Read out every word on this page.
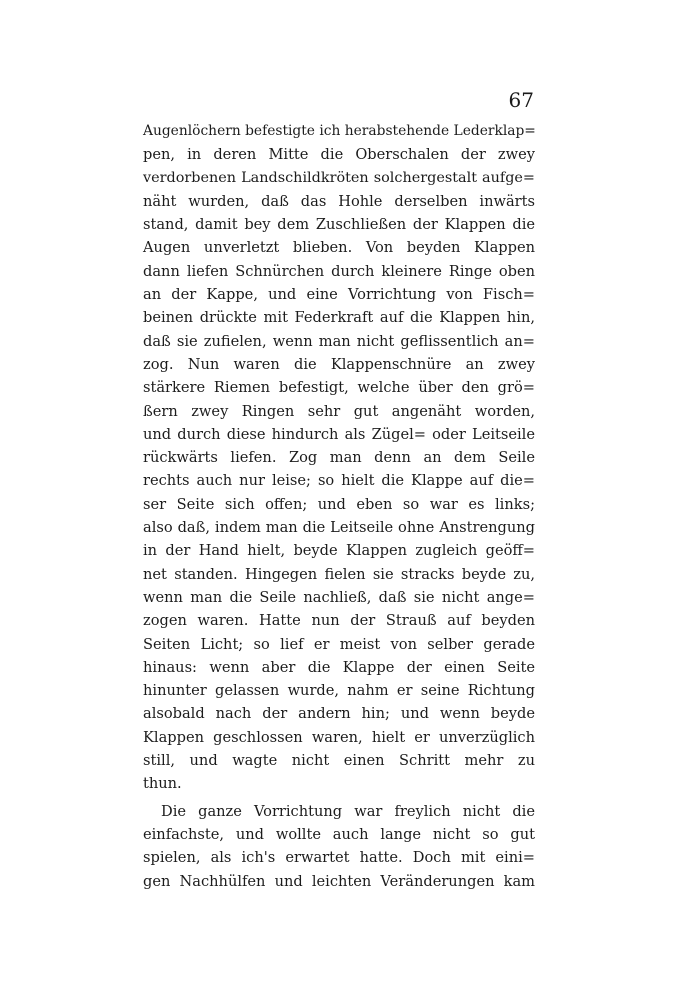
67
Augenlöchern befestigte ich herabstehende Lederklap=
pen, in deren Mitte die Oberschalen der zwey
verdorbenen Landschildkröten solchergestalt aufge=
näht wurden, daß das Hohle derselben inwärts
stand, damit bey dem Zuschließen der Klappen die
Augen unverletzt blieben. Von beyden Klappen
dann liefen Schnürchen durch kleinere Ringe oben
an der Kappe, und eine Vorrichtung von Fisch=
beinen drückte mit Federkraft auf die Klappen hin,
daß sie zufielen, wenn man nicht geflissentlich an=
zog. Nun waren die Klappenschnüre an zwey
stärkere Riemen befestigt, welche über den grö=
ßern zwey Ringen sehr gut angenäht worden,
und durch diese hindurch als Zügel= oder Leitseile
rückwärts liefen. Zog man denn an dem Seile
rechts auch nur leise; so hielt die Klappe auf die=
ser Seite sich offen; und eben so war es links;
also daß, indem man die Leitseile ohne Anstrengung
in der Hand hielt, beyde Klappen zugleich geöff=
net standen. Hingegen fielen sie stracks beyde zu,
wenn man die Seile nachließ, daß sie nicht ange=
zogen waren. Hatte nun der Strauß auf beyden
Seiten Licht; so lief er meist von selber gerade
hinaus: wenn aber die Klappe der einen Seite
hinunter gelassen wurde, nahm er seine Richtung
alsobald nach der andern hin; und wenn beyde
Klappen geschlossen waren, hielt er unverzüglich
still, und wagte nicht einen Schritt mehr zu
thun.
Die ganze Vorrichtung war freylich nicht die
einfachste, und wollte auch lange nicht so gut
spielen, als ich's erwartet hatte. Doch mit eini=
gen Nachhülfen und leichten Veränderungen kam
